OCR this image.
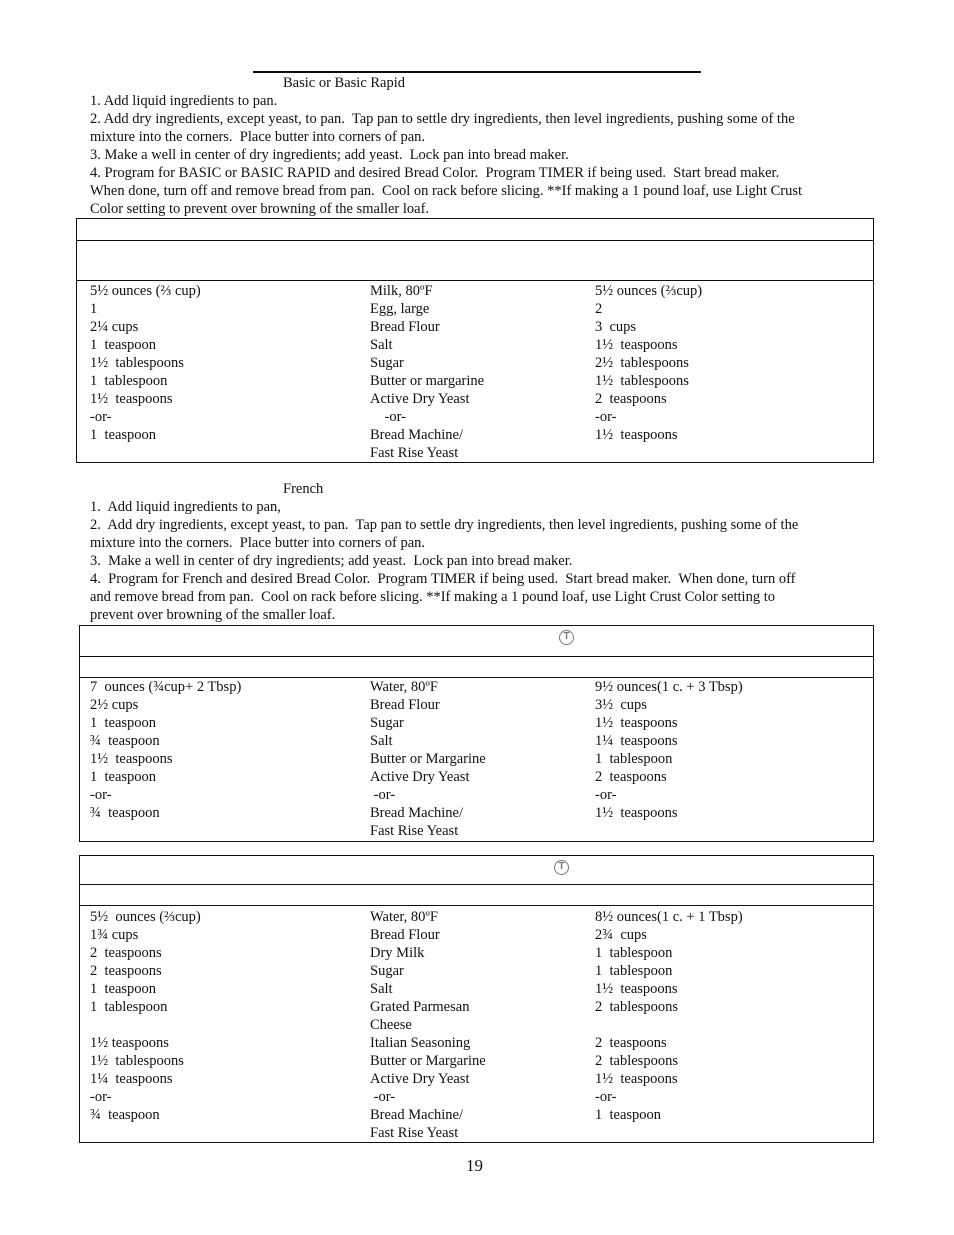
Basic or Basic Rapid
1. Add liquid ingredients to pan.
2. Add dry ingredients, except yeast, to pan.  Tap pan to settle dry ingredients, then level ingredients, pushing some of the
mixture into the corners.  Place butter into corners of pan.
3. Make a well in center of dry ingredients; add yeast.  Lock pan into bread maker.
4. Program for BASIC or BASIC RAPID and desired Bread Color.  Program TIMER if being used.  Start bread maker.
When done, turn off and remove bread from pan.  Cool on rack before slicing. **If making a 1 pound loaf, use Light Crust
Color setting to prevent over browning of the smaller loaf.
5½ ounces (⅔ cup)
1
2¼ cups
1  teaspoon
1½  tablespoons
1  tablespoon
1½  teaspoons
-or-
1  teaspoon
Milk, 80ºF
Egg, large
Bread Flour
Salt
Sugar
Butter or margarine
Active Dry Yeast
-or-
Bread Machine/
Fast Rise Yeast
5½ ounces (⅔cup)
2
3  cups
1½  teaspoons
2½  tablespoons
1½  tablespoons
2  teaspoons
-or-
1½  teaspoons
French
1.  Add liquid ingredients to pan,
2.  Add dry ingredients, except yeast, to pan.  Tap pan to settle dry ingredients, then level ingredients, pushing some of the
mixture into the corners.  Place butter into corners of pan.
3.  Make a well in center of dry ingredients; add yeast.  Lock pan into bread maker.
4.  Program for French and desired Bread Color.  Program TIMER if being used.  Start bread maker.  When done, turn off
and remove bread from pan.  Cool on rack before slicing. **If making a 1 pound loaf, use Light Crust Color setting to
prevent over browning of the smaller loaf.
T
7  ounces (¾cup+ 2 Tbsp)
2½ cups
1  teaspoon
¾  teaspoon
1½  teaspoons
1  teaspoon
-or-
¾  teaspoon
Water, 80ºF
Bread Flour
Sugar
Salt
Butter or Margarine
Active Dry Yeast
-or-
Bread Machine/
Fast Rise Yeast
9½ ounces(1 c. + 3 Tbsp)
3½  cups
1½  teaspoons
1¼  teaspoons
1  tablespoon
2  teaspoons
-or-
1½  teaspoons
T
5½  ounces (⅔cup)
1¾ cups
2  teaspoons
2  teaspoons
1  teaspoon
1  tablespoon
1½ teaspoons
1½  tablespoons
1¼  teaspoons
-or-
¾  teaspoon
Water, 80ºF
Bread Flour
Dry Milk
Sugar
Salt
Grated Parmesan
Cheese
Italian Seasoning
Butter or Margarine
Active Dry Yeast
-or-
Bread Machine/
Fast Rise Yeast
8½ ounces(1 c. + 1 Tbsp)
2¾  cups
1  tablespoon
1  tablespoon
1½  teaspoons
2  tablespoons
2  teaspoons
2  tablespoons
1½  teaspoons
-or-
1  teaspoon
19
